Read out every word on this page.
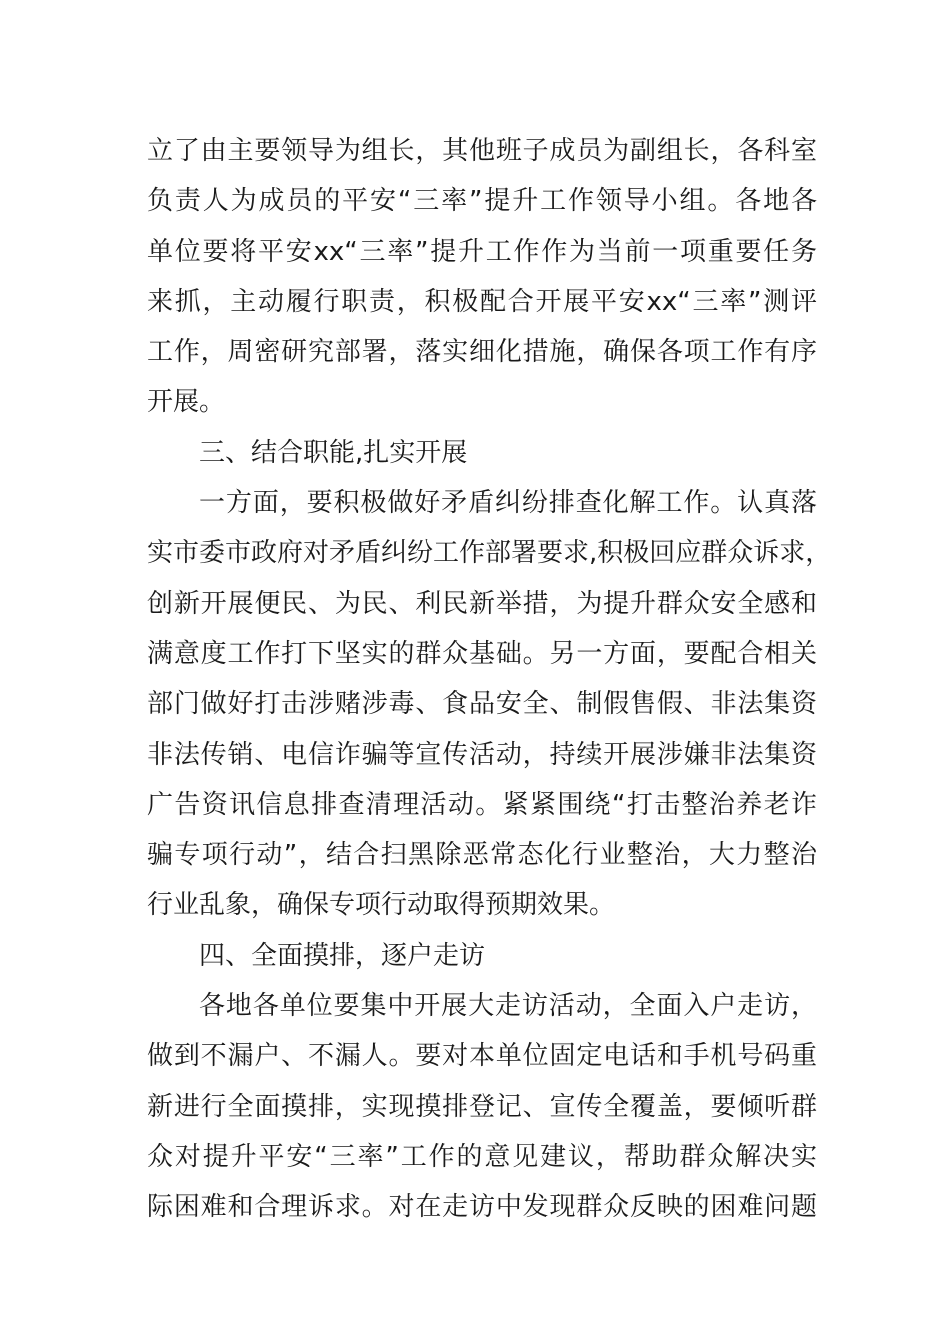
立了由主要领导为组长，其他班子成员为副组长，各科室
负责人为成员的平安“三率”提升工作领导小组。各地各
单位要将平安xx“三率”提升工作作为当前一项重要任务
来抓，主动履行职责，积极配合开展平安xx“三率”测评
工作，周密研究部署，落实细化措施，确保各项工作有序
开展。
三、结合职能,扎实开展
一方面，要积极做好矛盾纠纷排查化解工作。认真落
实市委市政府对矛盾纠纷工作部署要求,积极回应群众诉求，
创新开展便民、为民、利民新举措，为提升群众安全感和
满意度工作打下坚实的群众基础。另一方面，要配合相关
部门做好打击涉赌涉毒、食品安全、制假售假、非法集资
非法传销、电信诈骗等宣传活动，持续开展涉嫌非法集资
广告资讯信息排查清理活动。紧紧围绕“打击整治养老诈
骗专项行动”，结合扫黑除恶常态化行业整治，大力整治
行业乱象，确保专项行动取得预期效果。
四、全面摸排，逐户走访
各地各单位要集中开展大走访活动，全面入户走访，
做到不漏户、不漏人。要对本单位固定电话和手机号码重
新进行全面摸排，实现摸排登记、宣传全覆盖，要倾听群
众对提升平安“三率”工作的意见建议，帮助群众解决实
际困难和合理诉求。对在走访中发现群众反映的困难问题
